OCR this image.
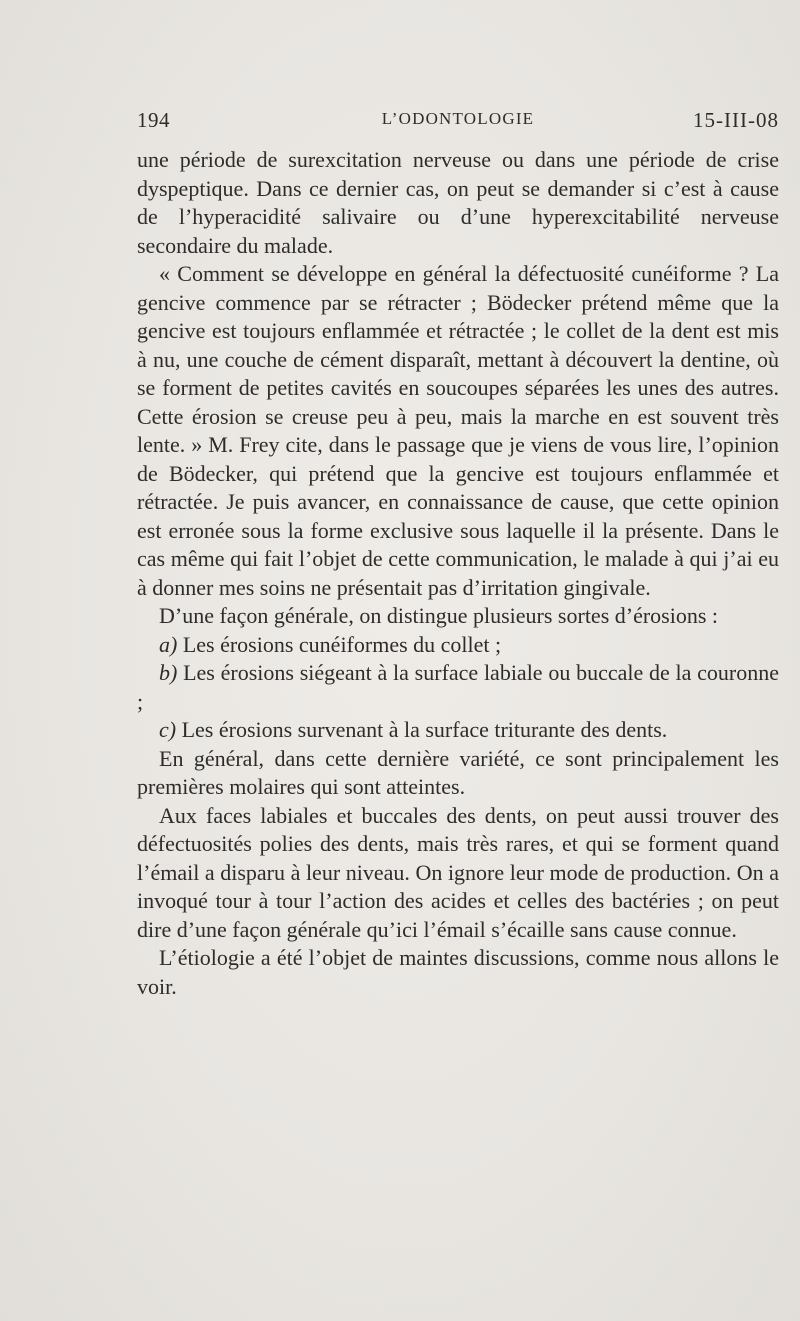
194	L’ODONTOLOGIE	15-III-08

une période de surexcitation nerveuse ou dans une période de crise dyspeptique. Dans ce dernier cas, on peut se demander si c’est à cause de l’hyperacidité salivaire ou d’une hyperexcitabilité nerveuse secondaire du malade.

« Comment se développe en général la défectuosité cunéiforme ? La gencive commence par se rétracter ; Bödecker prétend même que la gencive est toujours enflammée et rétractée ; le collet de la dent est mis à nu, une couche de cément disparaît, mettant à découvert la dentine, où se forment de petites cavités en soucoupes séparées les unes des autres. Cette érosion se creuse peu à peu, mais la marche en est souvent très lente. » M. Frey cite, dans le passage que je viens de vous lire, l’opinion de Bödecker, qui prétend que la gencive est toujours enflammée et rétractée. Je puis avancer, en connaissance de cause, que cette opinion est erronée sous la forme exclusive sous laquelle il la présente. Dans le cas même qui fait l’objet de cette communication, le malade à qui j’ai eu à donner mes soins ne présentait pas d’irritation gingivale.

D’une façon générale, on distingue plusieurs sortes d’érosions :

a) Les érosions cunéiformes du collet ;

b) Les érosions siégeant à la surface labiale ou buccale de la couronne ;

c) Les érosions survenant à la surface triturante des dents.

En général, dans cette dernière variété, ce sont principalement les premières molaires qui sont atteintes.

Aux faces labiales et buccales des dents, on peut aussi trouver des défectuosités polies des dents, mais très rares, et qui se forment quand l’émail a disparu à leur niveau. On ignore leur mode de production. On a invoqué tour à tour l’action des acides et celles des bactéries ; on peut dire d’une façon générale qu’ici l’émail s’écaille sans cause connue.

L’étiologie a été l’objet de maintes discussions, comme nous allons le voir.
